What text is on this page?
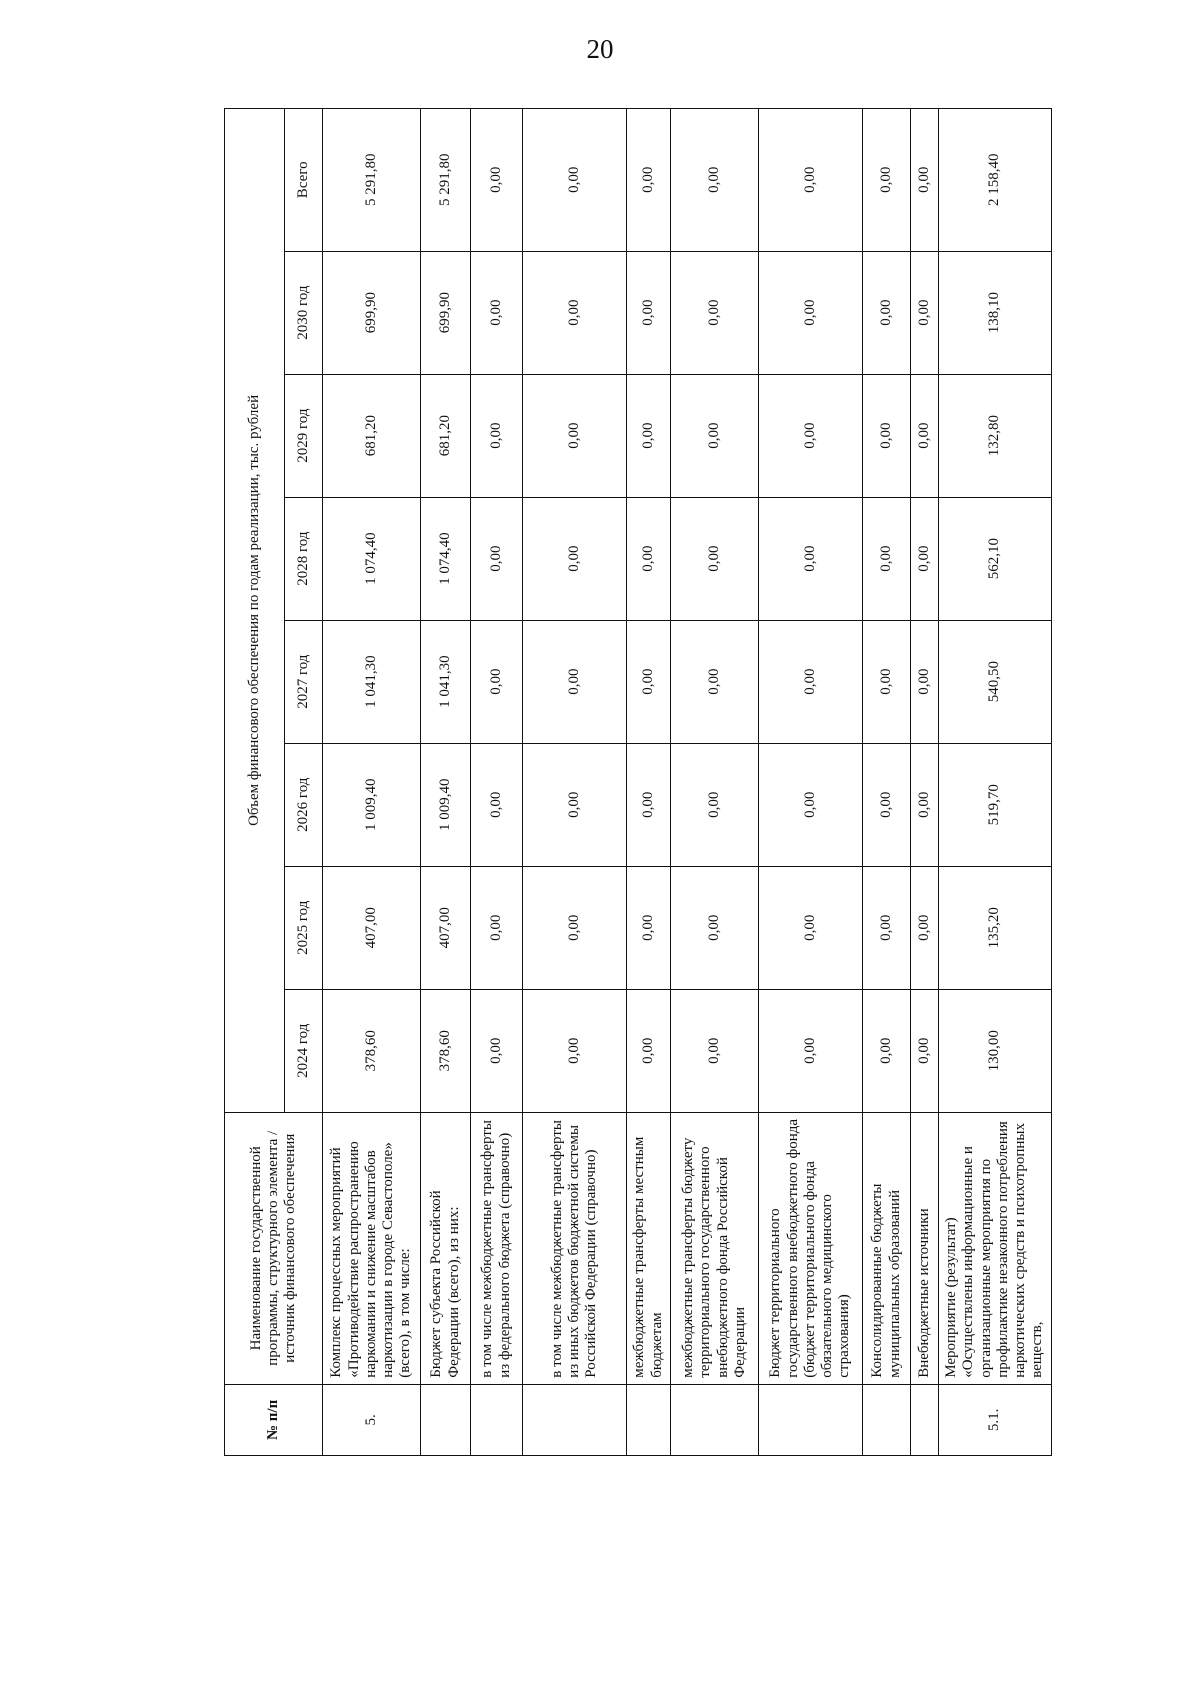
20
№ п/п	Наименование государственной программы, структурного элемента / источник финансового обеспечения	Объем финансового обеспечения по годам реализации, тыс. рублей							
		2024 год	2025 год	2026 год	2027 год	2028 год	2029 год	2030 год	Всего
5.	Комплекс процессных мероприятий «Противодействие распространению наркомании и снижение масштабов наркотизации в городе Севастополе» (всего), в том числе:	378,60	407,00	1 009,40	1 041,30	1 074,40	681,20	699,90	5 291,80
	Бюджет субъекта Российской Федерации (всего), из них:	378,60	407,00	1 009,40	1 041,30	1 074,40	681,20	699,90	5 291,80
	в том числе межбюджетные трансферты из федерального бюджета (справочно)	0,00	0,00	0,00	0,00	0,00	0,00	0,00	0,00
	в том числе межбюджетные трансферты из иных бюджетов бюджетной системы Российской Федерации (справочно)	0,00	0,00	0,00	0,00	0,00	0,00	0,00	0,00
	межбюджетные трансферты местным бюджетам	0,00	0,00	0,00	0,00	0,00	0,00	0,00	0,00
	межбюджетные трансферты бюджету территориального государственного внебюджетного фонда Российской Федерации	0,00	0,00	0,00	0,00	0,00	0,00	0,00	0,00
	Бюджет территориального государственного внебюджетного фонда (бюджет территориального фонда обязательного медицинского страхования)	0,00	0,00	0,00	0,00	0,00	0,00	0,00	0,00
	Консолидированные бюджеты муниципальных образований	0,00	0,00	0,00	0,00	0,00	0,00	0,00	0,00
	Внебюджетные источники	0,00	0,00	0,00	0,00	0,00	0,00	0,00	0,00
5.1.	Мероприятие (результат) «Осуществлены информационные и организационные мероприятия по профилактике незаконного потребления наркотических средств и психотропных веществ,	130,00	135,20	519,70	540,50	562,10	132,80	138,10	2 158,40
